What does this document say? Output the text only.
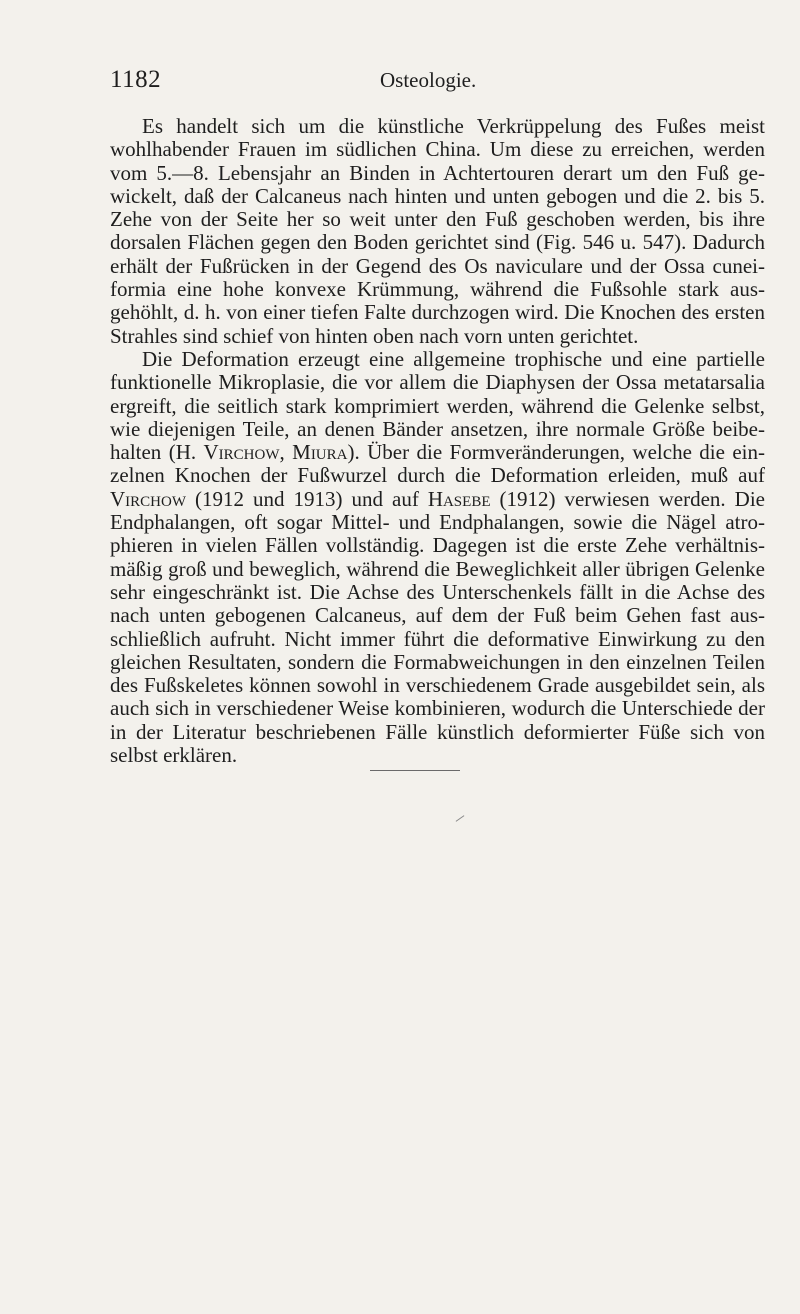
1182	Osteologie.

Es handelt sich um die künstliche Verkrüppelung des Fußes meist wohlhabender Frauen im südlichen China. Um diese zu erreichen, werden vom 5.—8. Lebensjahr an Binden in Achtertouren derart um den Fuß gewickelt, daß der Calcaneus nach hinten und unten gebogen und die 2. bis 5. Zehe von der Seite her so weit unter den Fuß geschoben werden, bis ihre dorsalen Flächen gegen den Boden gerichtet sind (Fig. 546 u. 547). Dadurch erhält der Fußrücken in der Gegend des Os naviculare und der Ossa cuneiformia eine hohe konvexe Krümmung, während die Fußsohle stark ausgehöhlt, d. h. von einer tiefen Falte durchzogen wird. Die Knochen des ersten Strahles sind schief von hinten oben nach vorn unten gerichtet.

Die Deformation erzeugt eine allgemeine trophische und eine partielle funktionelle Mikroplasie, die vor allem die Diaphysen der Ossa metatarsalia ergreift, die seitlich stark komprimiert werden, während die Gelenke selbst, wie diejenigen Teile, an denen Bänder ansetzen, ihre normale Größe beibehalten (H. Virchow, Miura). Über die Formveränderungen, welche die einzelnen Knochen der Fußwurzel durch die Deformation erleiden, muß auf Virchow (1912 und 1913) und auf Hasebe (1912) verwiesen werden. Die Endphalangen, oft sogar Mittel- und Endphalangen, sowie die Nägel atrophieren in vielen Fällen vollständig. Dagegen ist die erste Zehe verhältnismäßig groß und beweglich, während die Beweglichkeit aller übrigen Gelenke sehr eingeschränkt ist. Die Achse des Unterschenkels fällt in die Achse des nach unten gebogenen Calcaneus, auf dem der Fuß beim Gehen fast ausschließlich aufruht. Nicht immer führt die deformative Einwirkung zu den gleichen Resultaten, sondern die Formabweichungen in den einzelnen Teilen des Fußskeletes können sowohl in verschiedenem Grade ausgebildet sein, als auch sich in verschiedener Weise kombinieren, wodurch die Unterschiede der in der Literatur beschriebenen Fälle künstlich deformierter Füße sich von selbst erklären.
